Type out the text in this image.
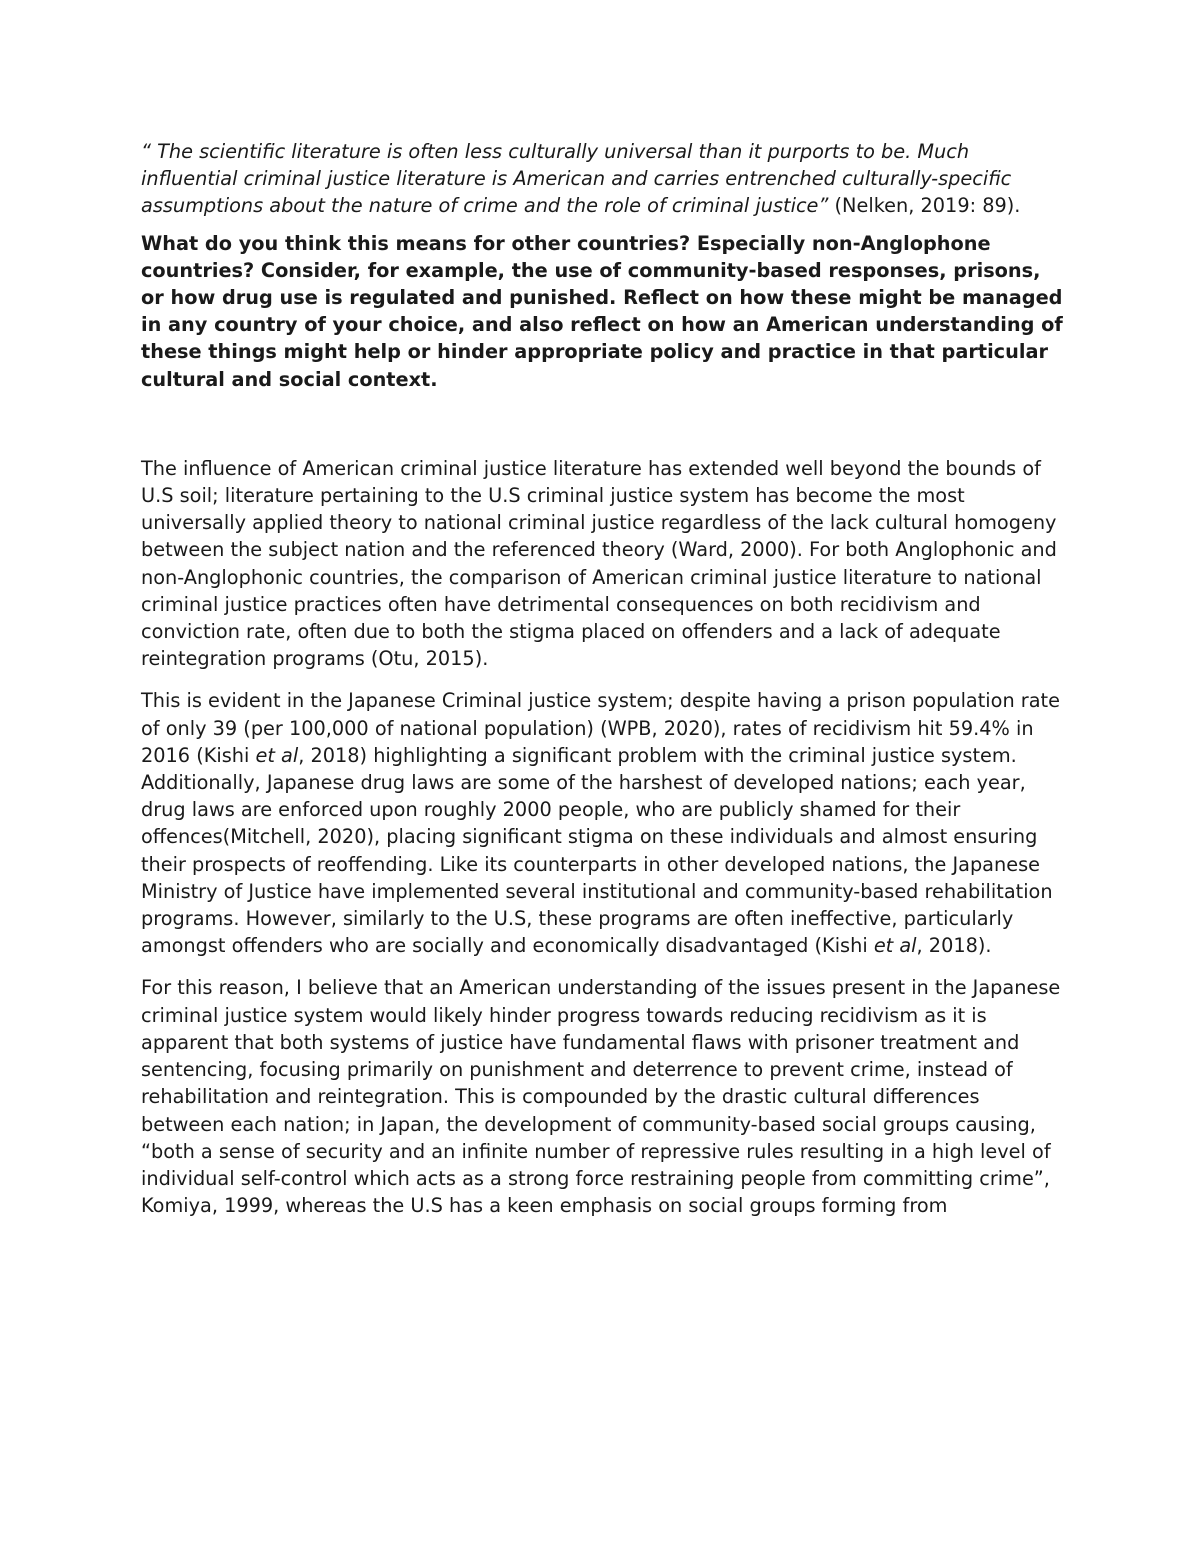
“ The scientific literature is often less culturally universal than it purports to be. Much influential criminal justice literature is American and carries entrenched culturally-specific assumptions about the nature of crime and the role of criminal justice” (Nelken, 2019: 89).

What do you think this means for other countries? Especially non-Anglophone countries? Consider, for example, the use of community-based responses, prisons, or how drug use is regulated and punished. Reflect on how these might be managed in any country of your choice, and also reflect on how an American understanding of these things might help or hinder appropriate policy and practice in that particular cultural and social context.

The influence of American criminal justice literature has extended well beyond the bounds of U.S soil; literature pertaining to the U.S criminal justice system has become the most universally applied theory to national criminal justice regardless of the lack cultural homogeny between the subject nation and the referenced theory (Ward, 2000). For both Anglophonic and non-Anglophonic countries, the comparison of American criminal justice literature to national criminal justice practices often have detrimental consequences on both recidivism and conviction rate, often due to both the stigma placed on offenders and a lack of adequate reintegration programs (Otu, 2015).

This is evident in the Japanese Criminal justice system; despite having a prison population rate of only 39 (per 100,000 of national population) (WPB, 2020), rates of recidivism hit 59.4% in 2016 (Kishi et al, 2018) highlighting a significant problem with the criminal justice system. Additionally, Japanese drug laws are some of the harshest of developed nations; each year, drug laws are enforced upon roughly 2000 people, who are publicly shamed for their offences(Mitchell, 2020), placing significant stigma on these individuals and almost ensuring their prospects of reoffending. Like its counterparts in other developed nations, the Japanese Ministry of Justice have implemented several institutional and community-based rehabilitation programs. However, similarly to the U.S, these programs are often ineffective, particularly amongst offenders who are socially and economically disadvantaged (Kishi et al, 2018).

For this reason, I believe that an American understanding of the issues present in the Japanese criminal justice system would likely hinder progress towards reducing recidivism as it is apparent that both systems of justice have fundamental flaws with prisoner treatment and sentencing, focusing primarily on punishment and deterrence to prevent crime, instead of rehabilitation and reintegration. This is compounded by the drastic cultural differences between each nation; in Japan, the development of community-based social groups causing, “both a sense of security and an infinite number of repressive rules resulting in a high level of individual self-control which acts as a strong force restraining people from committing crime”, Komiya, 1999, whereas the U.S has a keen emphasis on social groups forming from
